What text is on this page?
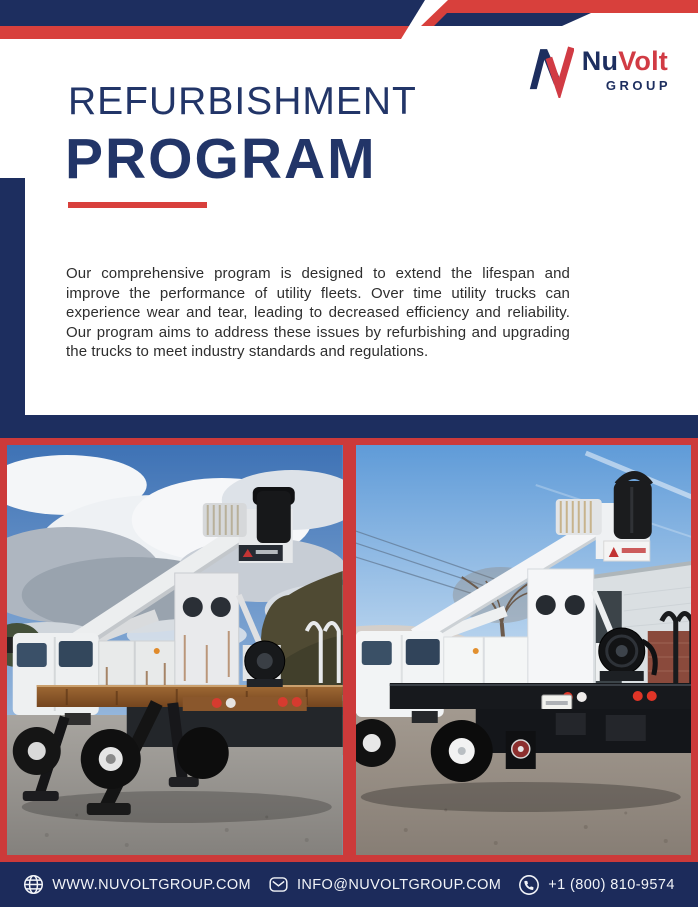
NuVolt
GROUP
REFURBISHMENT
PROGRAM

Our comprehensive program is designed to extend the lifespan and improve the performance of utility fleets. Over time utility trucks can experience wear and tear, leading to decreased efficiency and reliability. Our program aims to address these issues by refurbishing and upgrading the trucks to meet industry standards and regulations.

WWW.NUVOLTGROUP.COM	INFO@NUVOLTGROUP.COM	+1 (800) 810-9574
